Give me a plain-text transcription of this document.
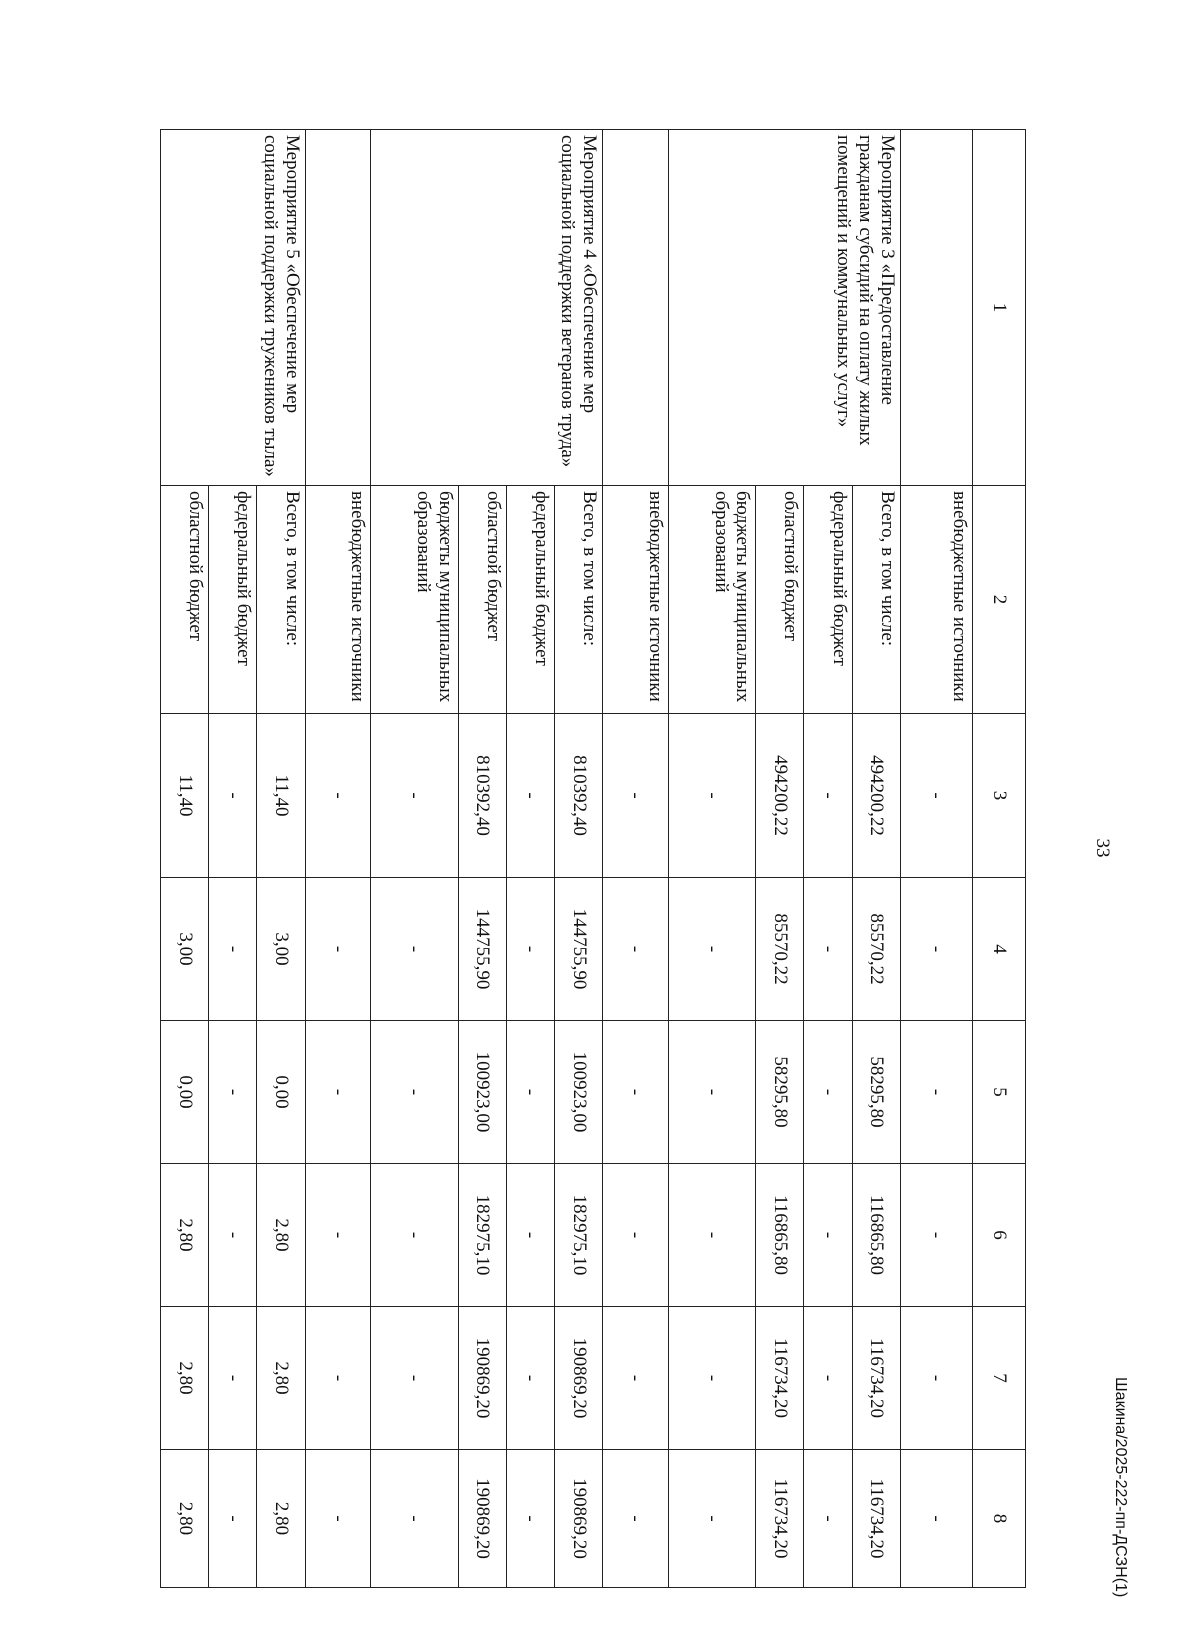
33
1	2	3	4	5	6	7	8
	внебюджетные источники	-	-	-	-	-	-
Мероприятие 3 «Предоставление гражданам субсидий на оплату жилых помещений и коммунальных услуг»	Всего, в том числе:	494200,22	85570,22	58295,80	116865,80	116734,20	116734,20
	федеральный бюджет	-	-	-	-	-	-
	областной бюджет	494200,22	85570,22	58295,80	116865,80	116734,20	116734,20
	бюджеты муниципальных образований	-	-	-	-	-	-
	внебюджетные источники	-	-	-	-	-	-
Мероприятие 4 «Обеспечение мер социальной поддержки ветеранов труда»	Всего, в том числе:	810392,40	144755,90	100923,00	182975,10	190869,20	190869,20
	федеральный бюджет	-	-	-	-	-	-
	областной бюджет	810392,40	144755,90	100923,00	182975,10	190869,20	190869,20
	бюджеты муниципальных образований	-	-	-	-	-	-
	внебюджетные источники	-	-	-	-	-	-
Мероприятие 5 «Обеспечение мер социальной поддержки тружеников тыла»	Всего, в том числе:	11,40	3,00	0,00	2,80	2,80	2,80
	федеральный бюджет	-	-	-	-	-	-
	областной бюджет	11,40	3,00	0,00	2,80	2,80	2,80	Шакина/2025-222-пп-ДСЗН(1)
